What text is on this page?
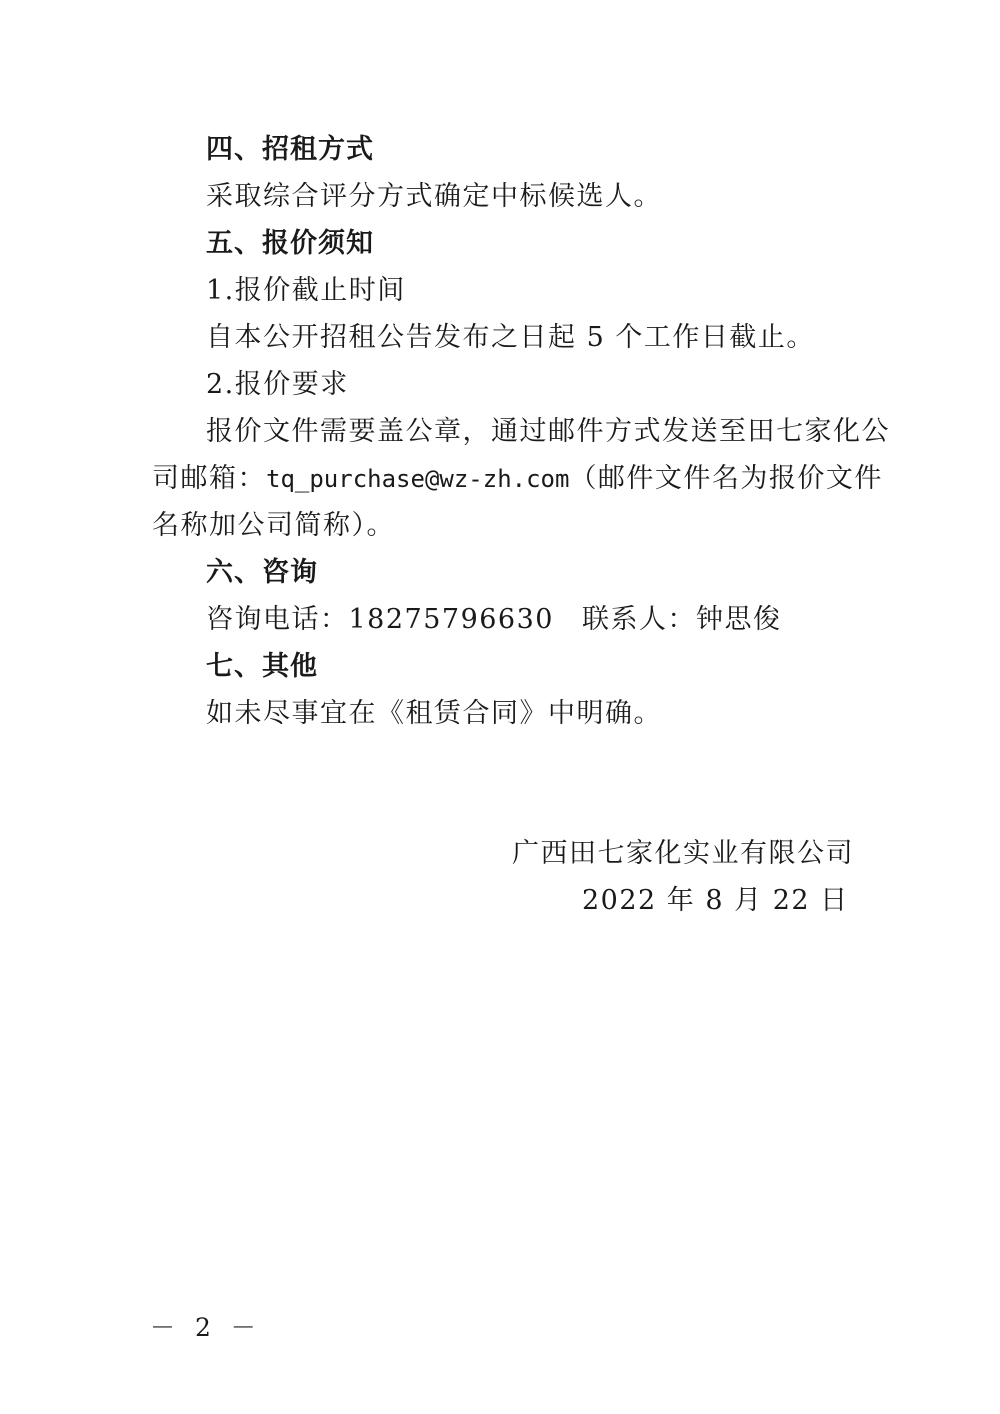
四、招租方式
采取综合评分方式确定中标候选人。
五、报价须知
1.报价截止时间
自本公开招租公告发布之日起 5 个工作日截止。
2.报价要求
报价文件需要盖公章，通过邮件方式发送至田七家化公
司邮箱：tq_purchase@wz-zh.com（邮件文件名为报价文件
名称加公司简称）。
六、咨询
咨询电话：18275796630 联系人：钟思俊
七、其他
如未尽事宜在《租赁合同》中明确。
广西田七家化实业有限公司
2022 年 8 月 22 日
－ 2 －
